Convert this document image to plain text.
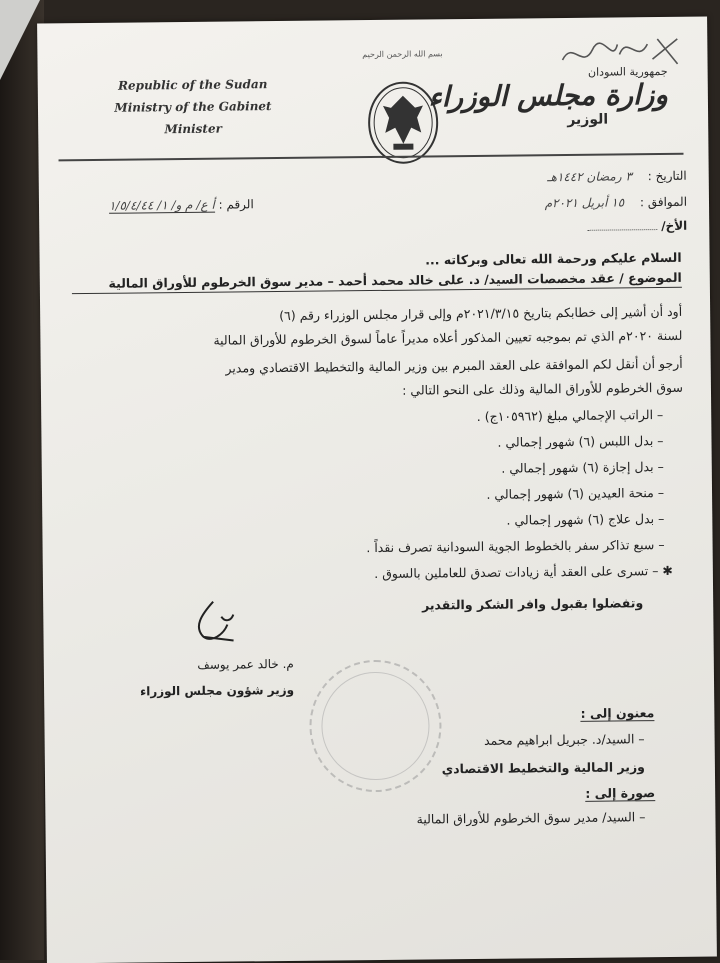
Republic of the Sudan
Ministry of the Gabinet
Minister
بسم الله الرحمن الرحيم
جمهورية السودان
وزارة مجلس الوزراء
الوزير
التاريخ : ٣ رمضان ١٤٤٢هـ
الموافق : ١٥ أبريل ٢٠٢١م
الرقم : أ ع/ م و/ ١/ ١/٥/٤/٤٤
الأخ/
السلام عليكم ورحمة الله تعالى وبركاته ...
الموضوع / عقد مخصصات السيد/ د. على خالد محمد أحمد – مدير سوق الخرطوم للأوراق المالية
أود أن أشير إلى خطابكم بتاريخ ٢٠٢١/٣/١٥م وإلى قرار مجلس الوزراء رقم (٦)
لسنة ٢٠٢٠م الذي تم بموجبه تعيين المذكور أعلاه مديراً عاماً لسوق الخرطوم للأوراق المالية
أرجو أن أنقل لكم الموافقة على العقد المبرم بين وزير المالية والتخطيط الاقتصادي ومدير
سوق الخرطوم للأوراق المالية وذلك على النحو التالي :
– الراتب الإجمالي مبلغ (١٠٥٩٦٢ج) .
– بدل اللبس (٦) شهور إجمالي .
– بدل إجازة (٦) شهور إجمالي .
– منحة العيدين (٦) شهور إجمالي .
– بدل علاج (٦) شهور إجمالي .
– سبع تذاكر سفر بالخطوط الجوية السودانية تصرف نقداً .
✱ – تسرى على العقد أية زيادات تصدق للعاملين بالسوق .
وتفضلوا بقبول وافر الشكر والتقدير
م. خالد عمر يوسف
وزير شؤون مجلس الوزراء
معنون إلى :
– السيد/د. جبريل ابراهيم محمد
وزير المالية والتخطيط الاقتصادي
صورة إلى :
– السيد/ مدير سوق الخرطوم للأوراق المالية
